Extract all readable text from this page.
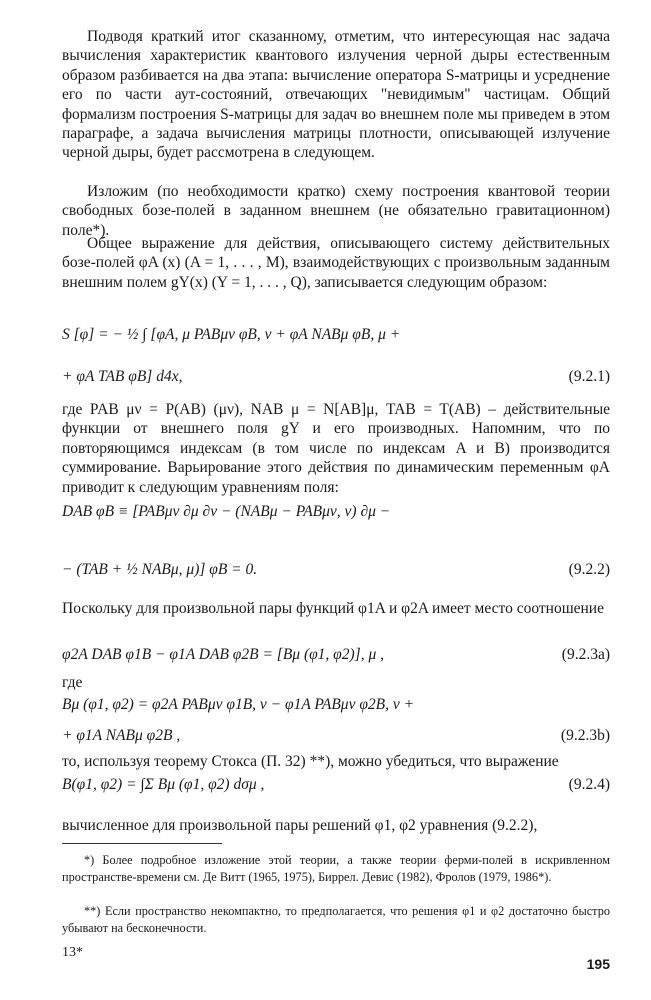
Подводя краткий итог сказанному, отметим, что интересующая нас задача вычисления характеристик квантового излучения черной дыры естественным образом разбивается на два этапа: вычисление оператора S-матрицы и усреднение его по части аут-состояний, отвечающих "невидимым" частицам. Общий формализм построения S-матрицы для задач во внешнем поле мы приведем в этом параграфе, а задача вычисления матрицы плотности, описывающей излучение черной дыры, будет рассмотрена в следующем.

Изложим (по необходимости кратко) схему построения квантовой теории свободных бозе-полей в заданном внешнем (не обязательно гравитационном) поле*).

Общее выражение для действия, описывающего систему действительных бозе-полей φA (x) (A = 1, . . . , M), взаимодействующих с произвольным заданным внешним полем gY(x) (Y = 1, . . . , Q), записывается следующим образом:

S [φ] = − ½ ∫ [φA, μ PABμν φB, ν + φA NABμ φB, μ +
+ φA TAB φB] d4x,	(9.2.1)

где PAB μν = P(AB) (μν), NAB μ = N[AB]μ, TAB = T(AB) – действительные функции от внешнего поля gY и его производных. Напомним, что по повторяющимся индексам (в том числе по индексам A и B) производится суммирование. Варьирование этого действия по динамическим переменным φA приводит к следующим уравнениям поля:

DAB φB ≡ [PABμν ∂μ ∂ν − (NABμ − PABμν, ν) ∂μ −
− (TAB + ½ NABμ, μ)] φB = 0.	(9.2.2)

Поскольку для произвольной пары функций φ1A и φ2A имеет место соотношение

φ2A DAB φ1B − φ1A DAB φ2B = [Bμ (φ1, φ2)], μ ,	(9.2.3a)

где

Bμ (φ1, φ2) = φ2A PABμν φ1B, ν − φ1A PABμν φ2B, ν +
+ φ1A NABμ φ2B ,	(9.2.3b)

то, используя теорему Стокса (П. 32) **), можно убедиться, что выражение

B(φ1, φ2) = ∫Σ Bμ (φ1, φ2) dσμ ,	(9.2.4)

вычисленное для произвольной пары решений φ1, φ2 уравнения (9.2.2),

*) Более подробное изложение этой теории, а также теории ферми-полей в искривленном пространстве-времени см. Де Витт (1965, 1975), Биррел. Девис (1982), Фролов (1979, 1986*).

**) Если пространство некомпактно, то предполагается, что решения φ1 и φ2 достаточно быстро убывают на бесконечности.

13*
195
